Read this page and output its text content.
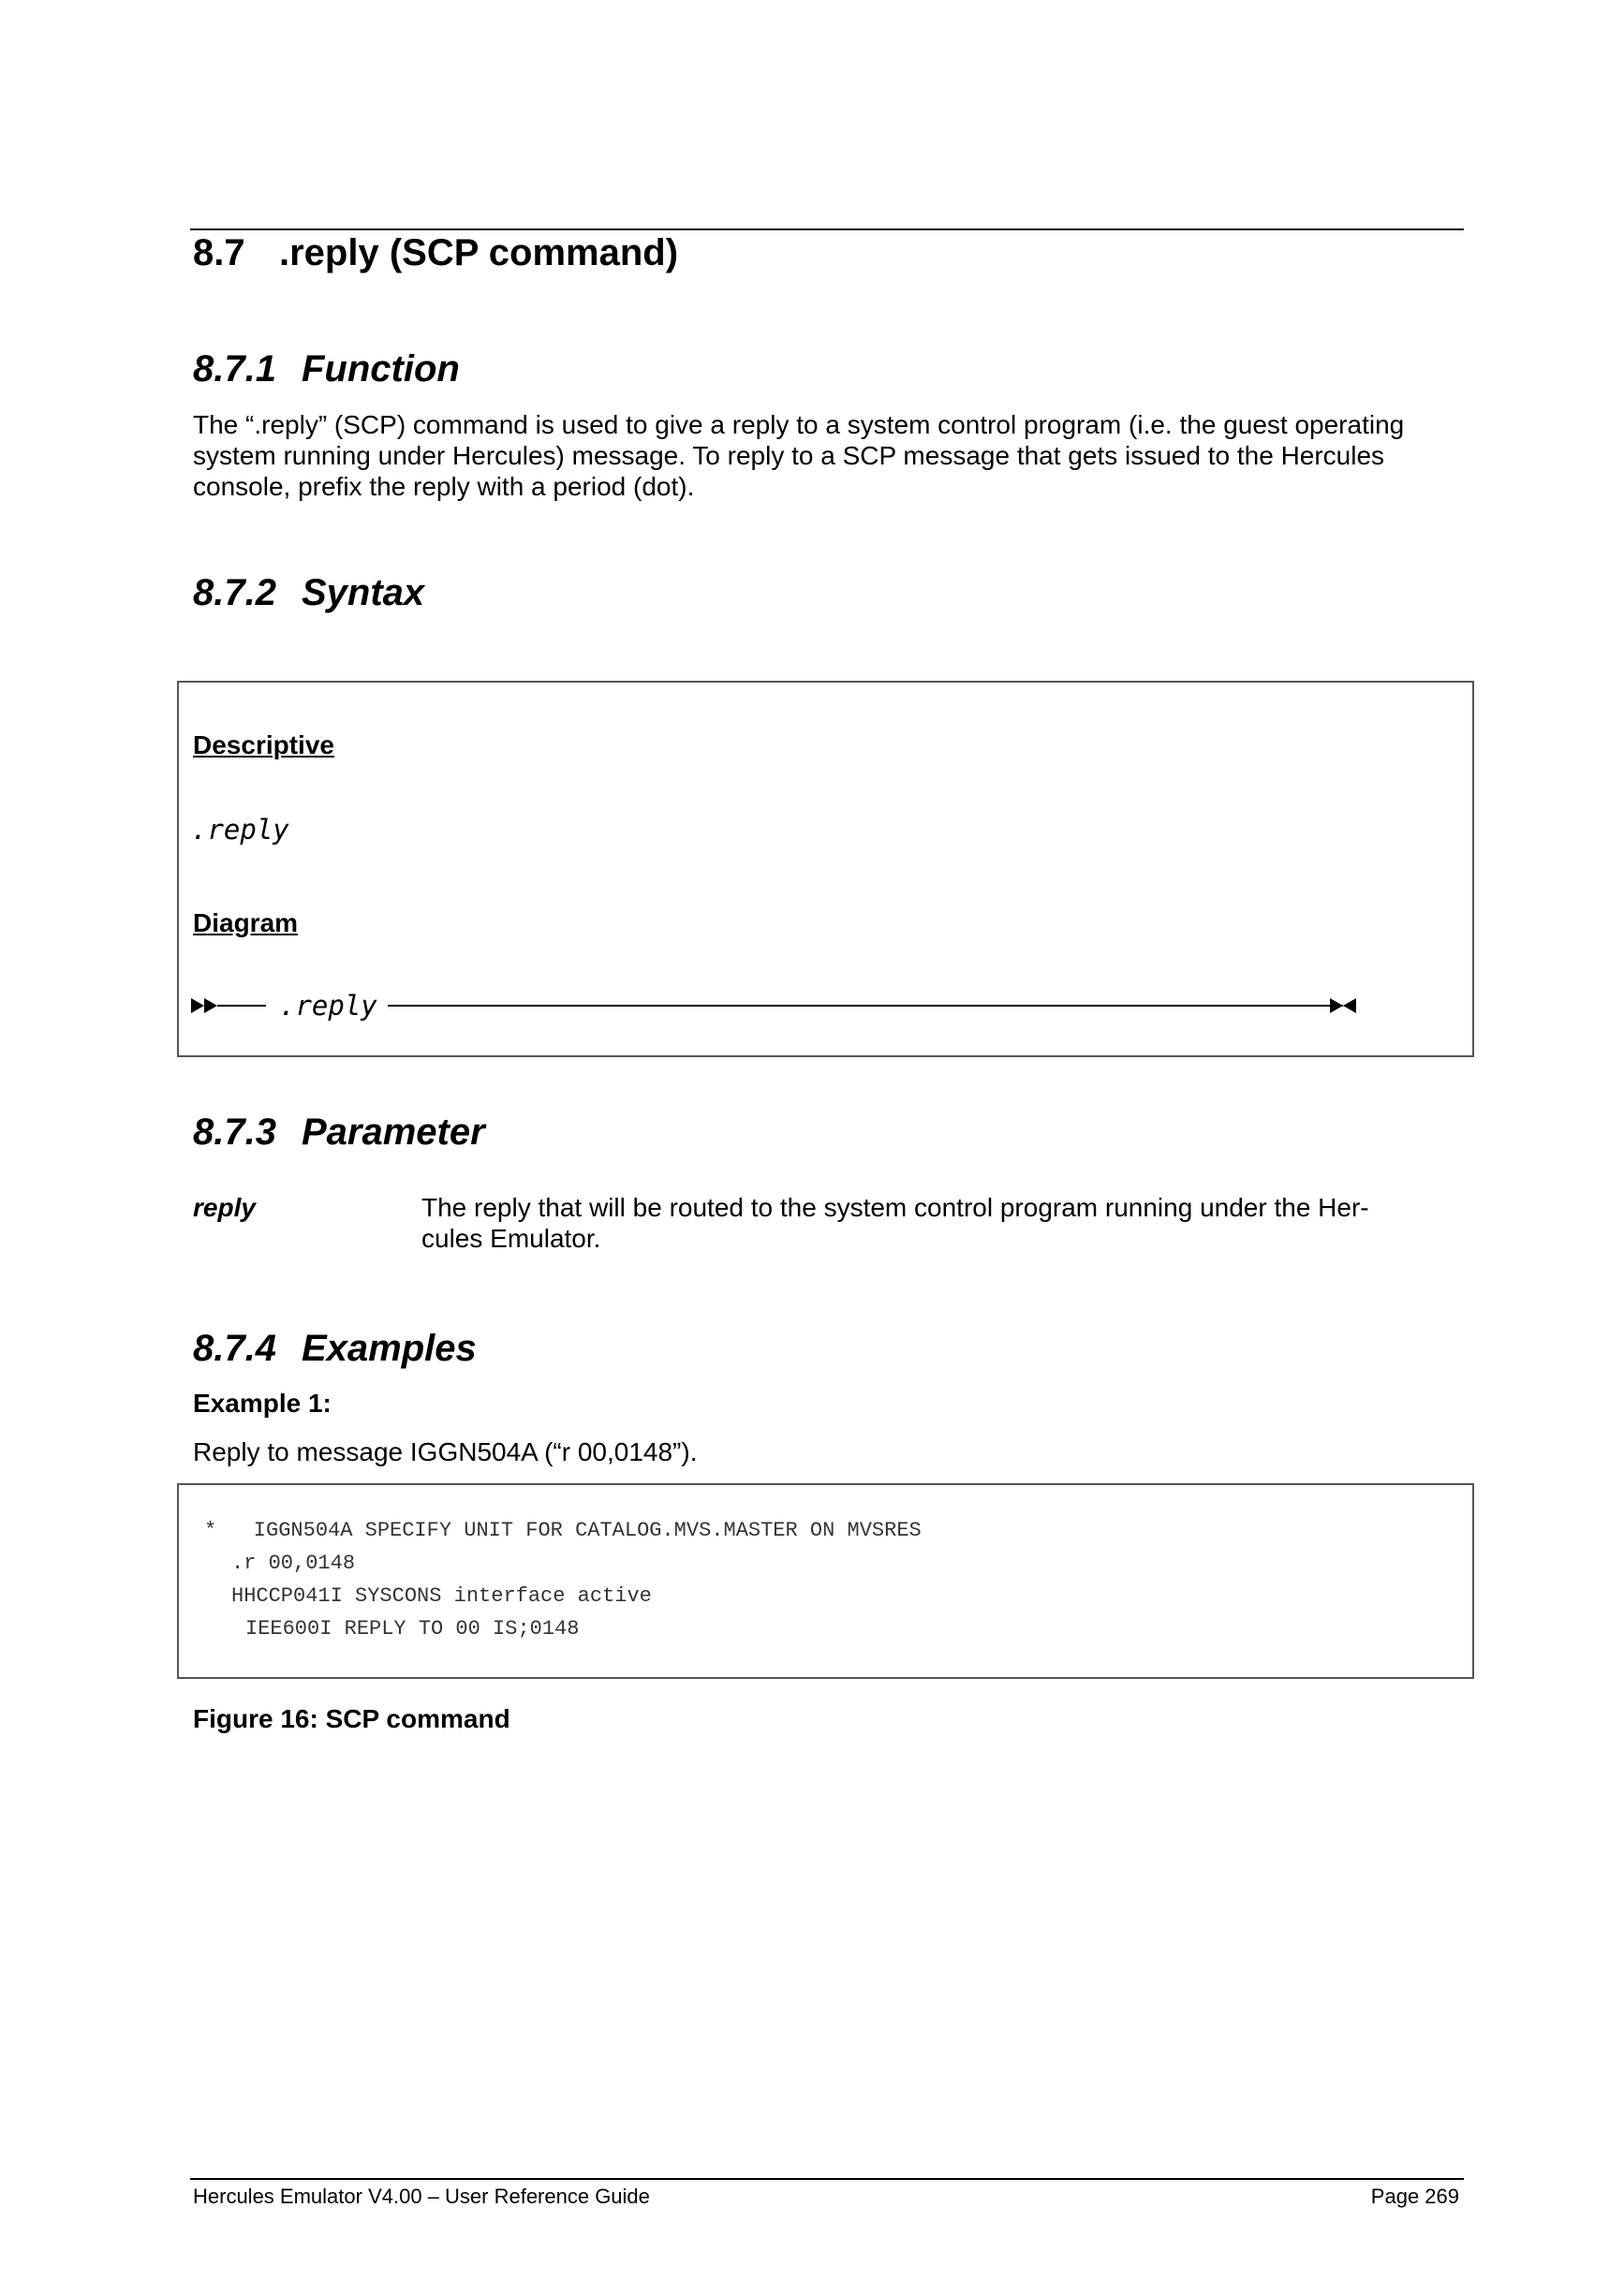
8.7 .reply (SCP command)
8.7.1 Function
The “.reply” (SCP) command is used to give a reply to a system control program (i.e. the guest operating
system running under Hercules) message. To reply to a SCP message that gets issued to the Hercules
console, prefix the reply with a period (dot).
8.7.2 Syntax
Descriptive
.reply
Diagram
.reply
8.7.3 Parameter
reply	The reply that will be routed to the system control program running under the Her-
cules Emulator.
8.7.4 Examples
Example 1:
Reply to message IGGN504A (“r 00,0148”).
*   IGGN504A SPECIFY UNIT FOR CATALOG.MVS.MASTER ON MVSRES
.r 00,0148
HHCCP041I SYSCONS interface active
IEE600I REPLY TO 00 IS;0148
Figure 16: SCP command
Hercules Emulator V4.00 – User Reference Guide	Page 269
